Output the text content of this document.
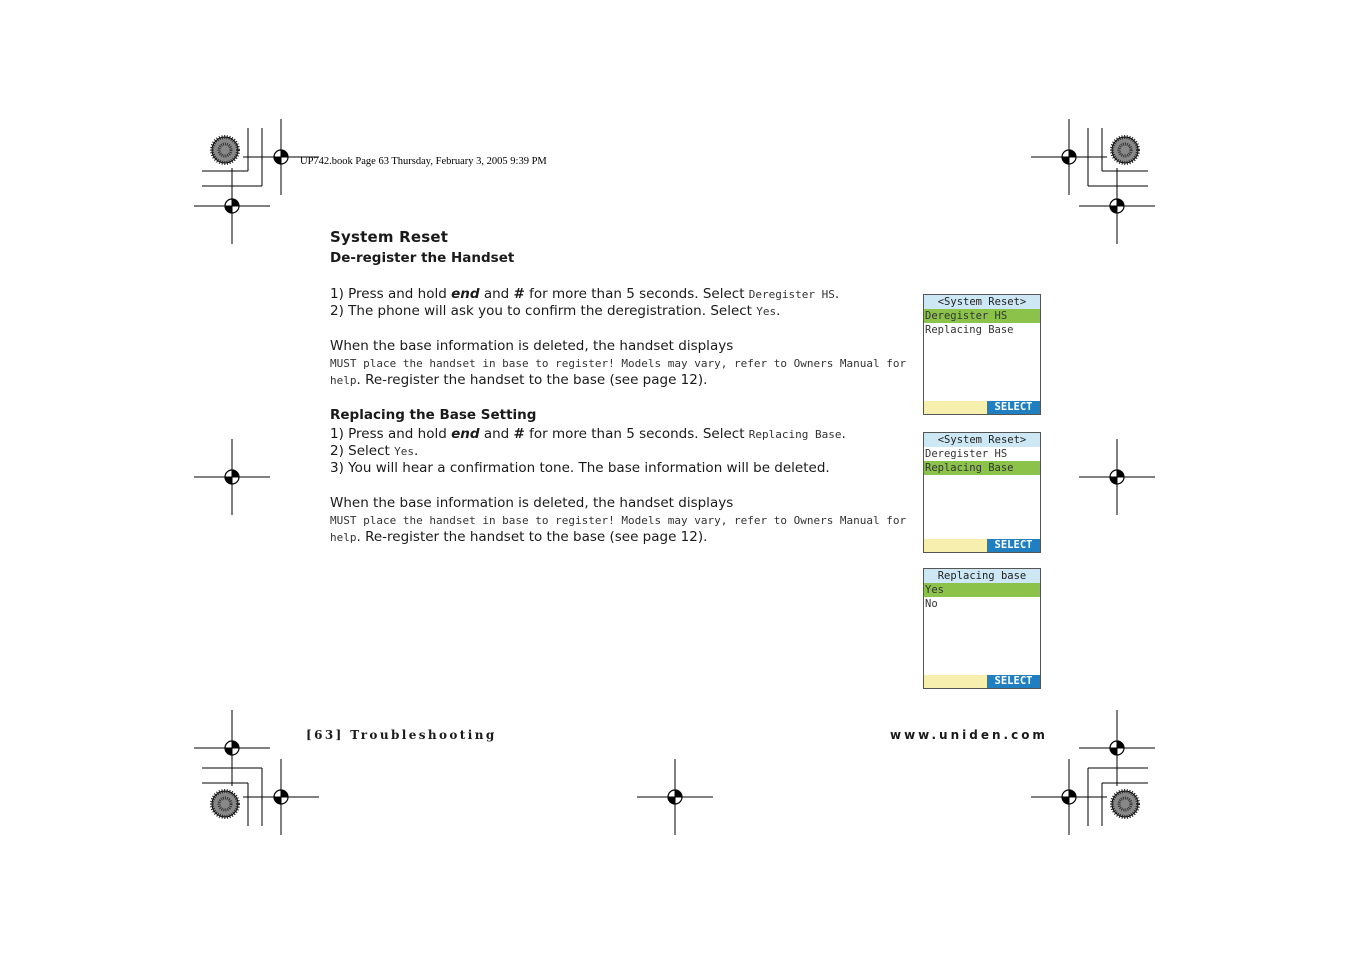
UP742.book Page 63 Thursday, February 3, 2005 9:39 PM
System Reset
De-register the Handset

1) Press and hold end and # for more than 5 seconds. Select Deregister HS.

2) The phone will ask you to confirm the deregistration. Select Yes.

When the base information is deleted, the handset displays

MUST place the handset in base to register! Models may vary, refer to Owners Manual for help. Re-register the handset to the base (see page 12).

Replacing the Base Setting

1) Press and hold end and # for more than 5 seconds. Select Replacing Base.

2) Select Yes.

3) You will hear a confirmation tone. The base information will be deleted.

When the base information is deleted, the handset displays

MUST place the handset in base to register! Models may vary, refer to Owners Manual for help. Re-register the handset to the base (see page 12).

<System Reset>
Deregister HS
Replacing Base
SELECT
<System Reset>
Deregister HS
Replacing Base
SELECT
Replacing base
Yes
No
SELECT
[63] Troubleshooting	www.uniden.com
